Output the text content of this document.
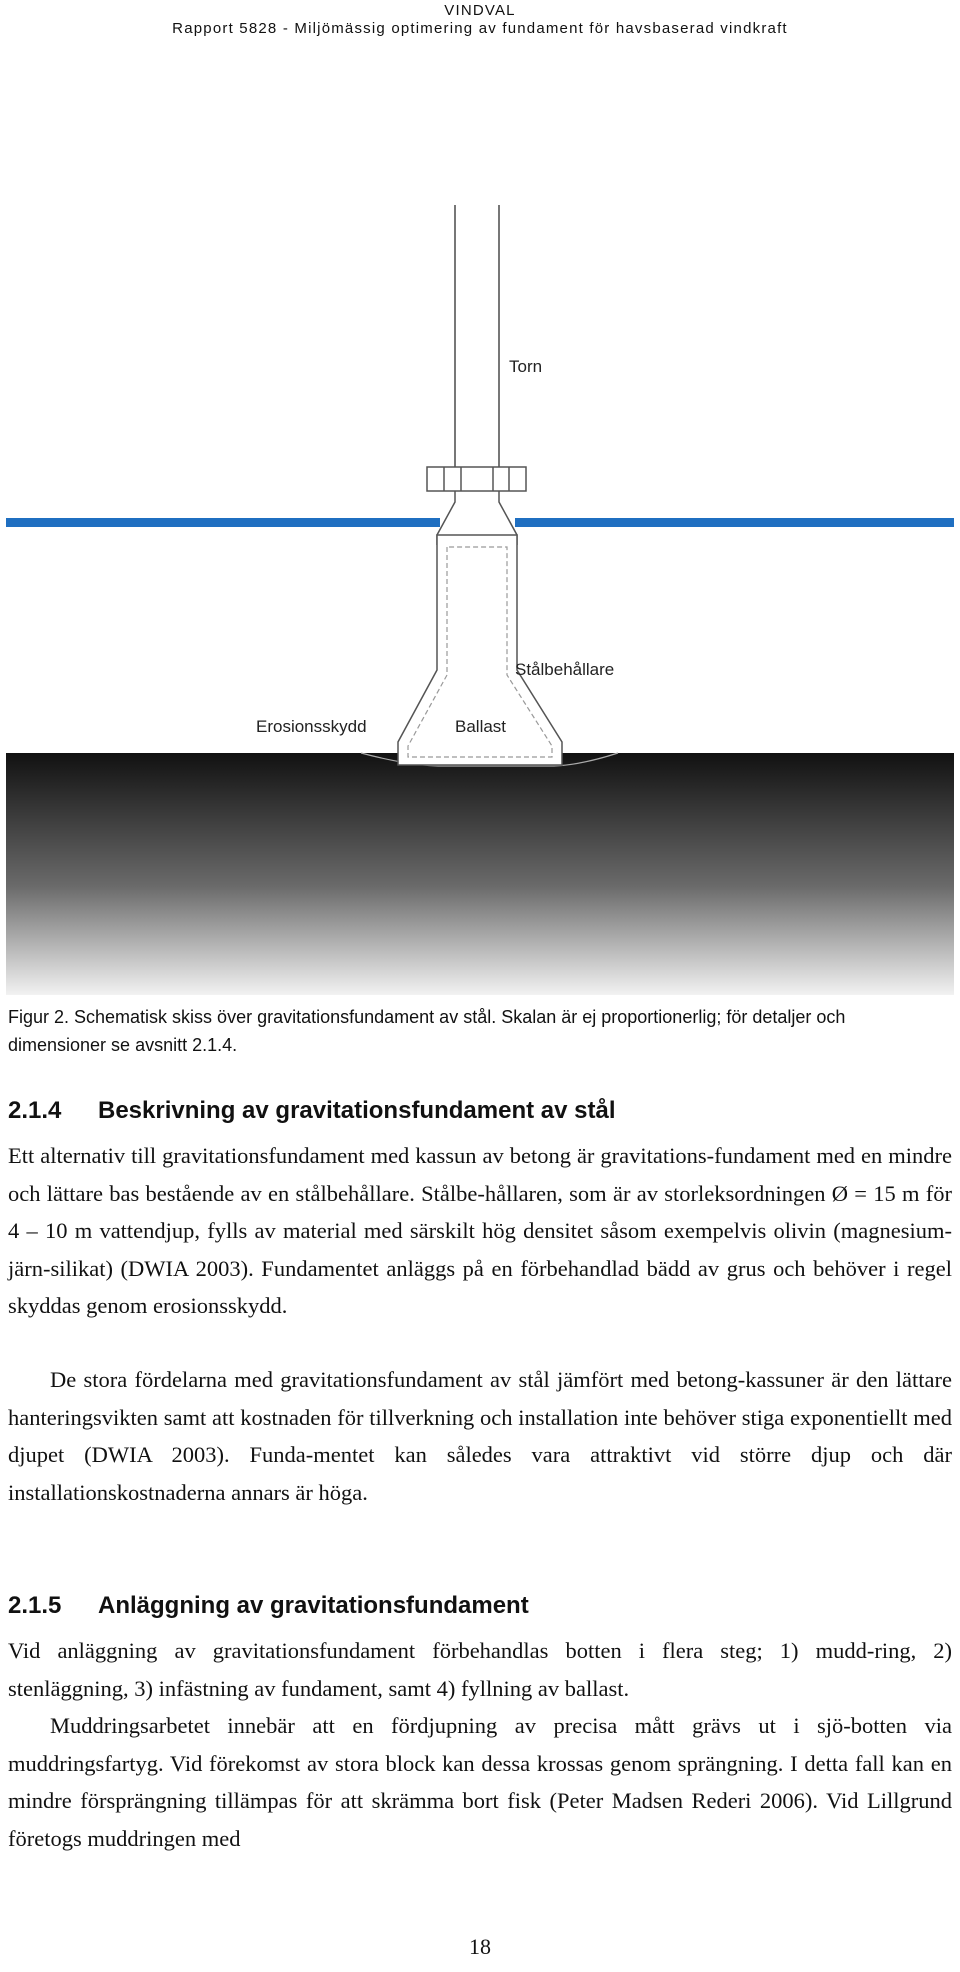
VINDVAL
Rapport 5828 - Miljömässig optimering av fundament för havsbaserad vindkraft
Torn
Stålbehållare
Erosionsskydd	Ballast
Figur 2. Schematisk skiss över gravitationsfundament av stål. Skalan är ej proportionerlig; för detaljer och dimensioner se avsnitt 2.1.4.
2.1.4 Beskrivning av gravitationsfundament av stål

Ett alternativ till gravitationsfundament med kassun av betong är gravitations-fundament med en mindre och lättare bas bestående av en stålbehållare. Stålbe-hållaren, som är av storleksordningen Ø = 15 m för 4 – 10 m vattendjup, fylls av material med särskilt hög densitet såsom exempelvis olivin (magnesium-järn-silikat) (DWIA 2003). Fundamentet anläggs på en förbehandlad bädd av grus och behöver i regel skyddas genom erosionsskydd.

De stora fördelarna med gravitationsfundament av stål jämfört med betong-kassuner är den lättare hanteringsvikten samt att kostnaden för tillverkning och installation inte behöver stiga exponentiellt med djupet (DWIA 2003). Funda-mentet kan således vara attraktivt vid större djup och där installationskostnaderna annars är höga.

2.1.5 Anläggning av gravitationsfundament

Vid anläggning av gravitationsfundament förbehandlas botten i flera steg; 1) mudd-ring, 2) stenläggning, 3) infästning av fundament, samt 4) fyllning av ballast.

Muddringsarbetet innebär att en fördjupning av precisa mått grävs ut i sjö-botten via muddringsfartyg. Vid förekomst av stora block kan dessa krossas genom sprängning. I detta fall kan en mindre försprängning tillämpas för att skrämma bort fisk (Peter Madsen Rederi 2006). Vid Lillgrund företogs muddringen med

18
